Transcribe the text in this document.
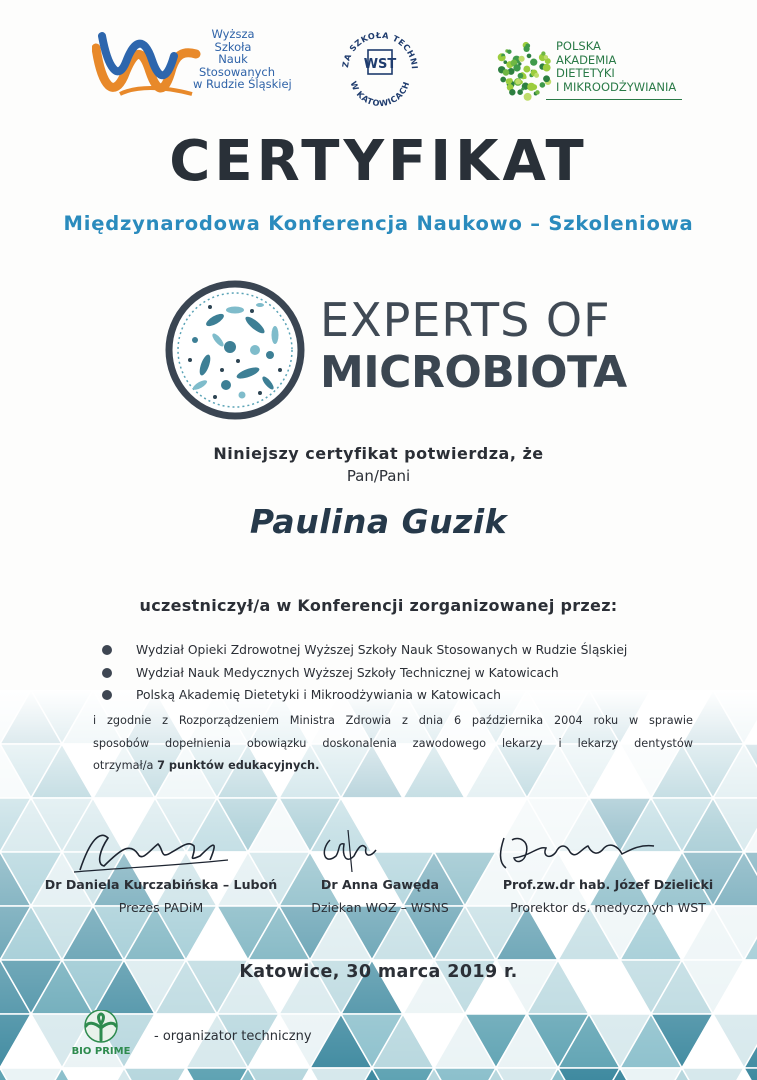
Wyższa
Szkoła
Nauk
Stosowanych
w Rudzie Śląskiej
ZA SZKOŁA TECHNI
W KATOWICACH
WST
POLSKA
AKADEMIA
DIETETYKI
I MIKROODŻYWIANIA
CERTYFIKAT
Międzynarodowa Konferencja Naukowo – Szkoleniowa
EXPERTS OF
MICROBIOTA
Niniejszy certyfikat potwierdza, że
Pan/Pani
Paulina Guzik
uczestniczył/a w Konferencji zorganizowanej przez:
Wydział Opieki Zdrowotnej Wyższej Szkoły Nauk Stosowanych w Rudzie Śląskiej
Wydział Nauk Medycznych Wyższej Szkoły Technicznej w Katowicach
Polską Akademię Dietetyki i Mikroodżywiania w Katowicach

i zgodnie z Rozporządzeniem Ministra Zdrowia z dnia 6 października 2004 roku w sprawie

sposobów dopełnienia obowiązku doskonalenia zawodowego lekarzy i lekarzy dentystów

otrzymał/a 7 punktów edukacyjnych.

Dr Daniela Kurczabińska – Luboń
Prezes PADiM
Dr Anna Gawęda
Dziekan WOZ – WSNS
Prof.zw.dr hab. Józef Dzielicki
Prorektor ds. medycznych WST
Katowice, 30 marca 2019 r.
BIO PRIME
- organizator techniczny
